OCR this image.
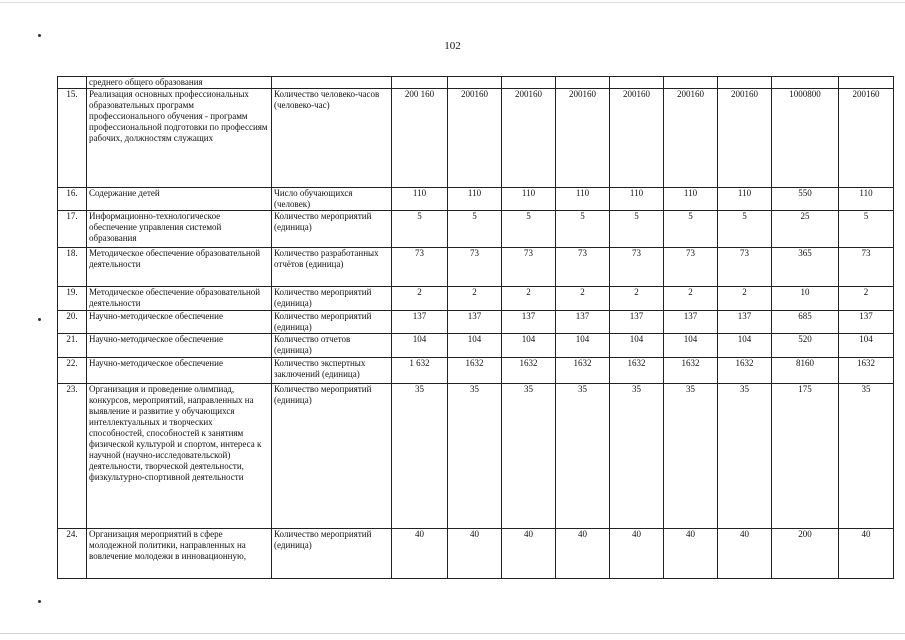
102
	среднего общего образования										
15.	Реализация основных профессиональных образовательных программ профессионального обучения - программ профессиональной подготовки по профессиям рабочих, должностям служащих	Количество человеко-часов (человеко-час)	200 160	200160	200160	200160	200160	200160	200160	1000800	200160
16.	Содержание детей	Число обучающихся (человек)	110	110	110	110	110	110	110	550	110
17.	Информационно-технологическое обеспечение управления системой образования	Количество мероприятий (единица)	5	5	5	5	5	5	5	25	5
18.	Методическое обеспечение образовательной деятельности	Количество разработанных отчётов (единица)	73	73	73	73	73	73	73	365	73
19.	Методическое обеспечение образовательной деятельности	Количество мероприятий (единица)	2	2	2	2	2	2	2	10	2
20.	Научно-методическое обеспечение	Количество мероприятий (единица)	137	137	137	137	137	137	137	685	137
21.	Научно-методическое обеспечение	Количество отчетов (единица)	104	104	104	104	104	104	104	520	104
22.	Научно-методическое обеспечение	Количество экспертных заключений (единица)	1 632	1632	1632	1632	1632	1632	1632	8160	1632
23.	Организация и проведение олимпиад, конкурсов, мероприятий, направленных на выявление и развитие у обучающихся интеллектуальных и творческих способностей, способностей к занятиям физической культурой и спортом, интереса к научной (научно-исследовательской) деятельности, творческой деятельности, физкультурно-спортивной деятельности	Количество мероприятий (единица)	35	35	35	35	35	35	35	175	35
24.	Организация мероприятий в сфере молодежной политики, направленных на вовлечение молодежи в инновационную,	Количество мероприятий (единица)	40	40	40	40	40	40	40	200	40
